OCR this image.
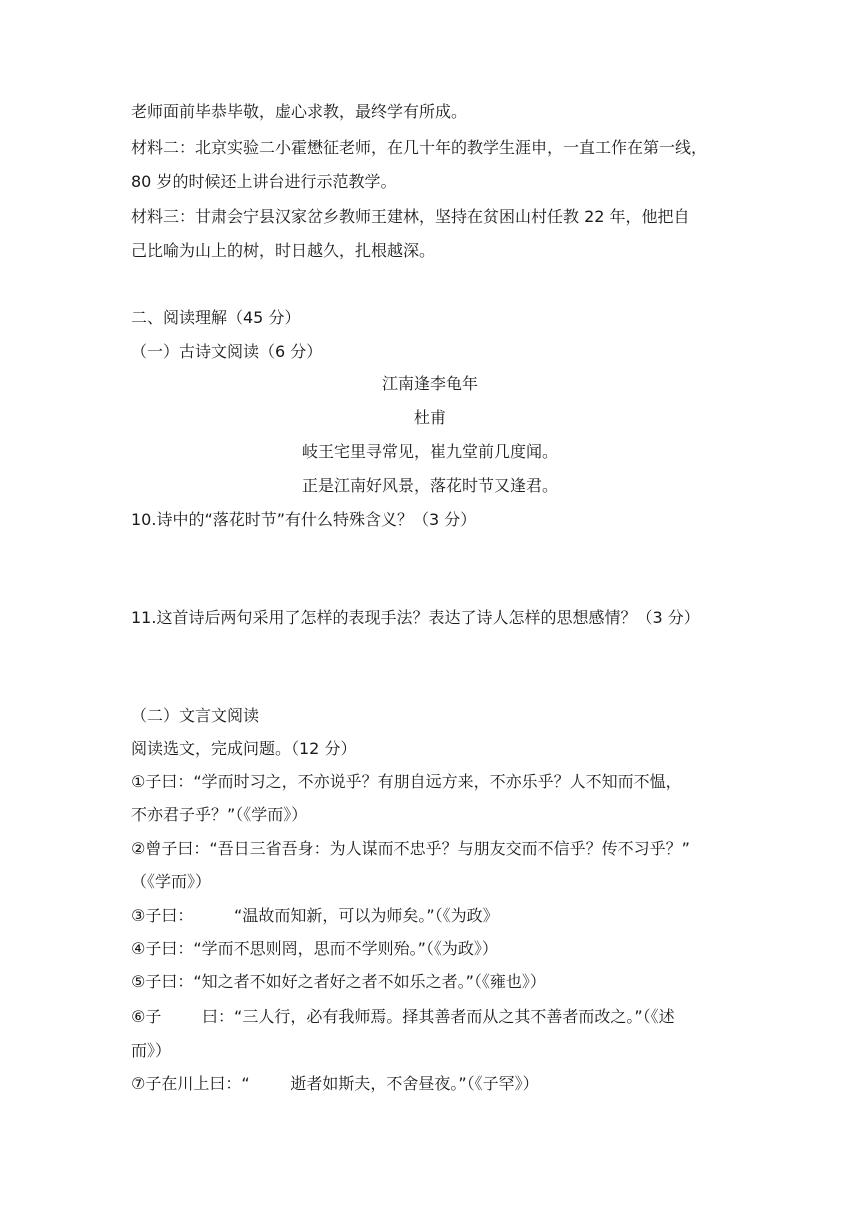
老师面前毕恭毕敬，虚心求教，最终学有所成。
材料二：北京实验二小霍懋征老师，在几十年的教学生涯申，一直工作在第一线，
80 岁的时候还上讲台进行示范教学。
材料三：甘肃会宁县汉家岔乡教师王建林，坚持在贫困山村任教 22 年，他把自
己比喻为山上的树，时日越久，扎根越深。
二、阅读理解（45 分）
（一）古诗文阅读（6 分）
江南逢李龟年
杜甫
岐王宅里寻常见，崔九堂前几度闻。
正是江南好风景，落花时节又逢君。
10.诗中的“落花时节”有什么特殊含义？（3 分）
11.这首诗后两句采用了怎样的表现手法？表达了诗人怎样的思想感情？（3 分）
（二）文言文阅读
阅读选文，完成问题。（12 分）
①子曰：“学而时习之，不亦说乎？有朋自远方来，不亦乐乎？人不知而不愠，
不亦君子乎？”（《学而》）
②曾子曰：“吾日三省吾身：为人谋而不忠乎？与朋友交而不信乎？传不习乎？”
（《学而》）
③子曰：        “温故而知新，可以为师矣。”（《为政》
④子曰：“学而不思则罔，思而不学则殆。”（《为政》）
⑤子曰：“知之者不如好之者好之者不如乐之者。”（《雍也》）
⑥子        曰：“三人行，必有我师焉。择其善者而从之其不善者而改之。”（《述
而》）
⑦子在川上曰：“        逝者如斯夫，不舍昼夜。”（《子罕》）
